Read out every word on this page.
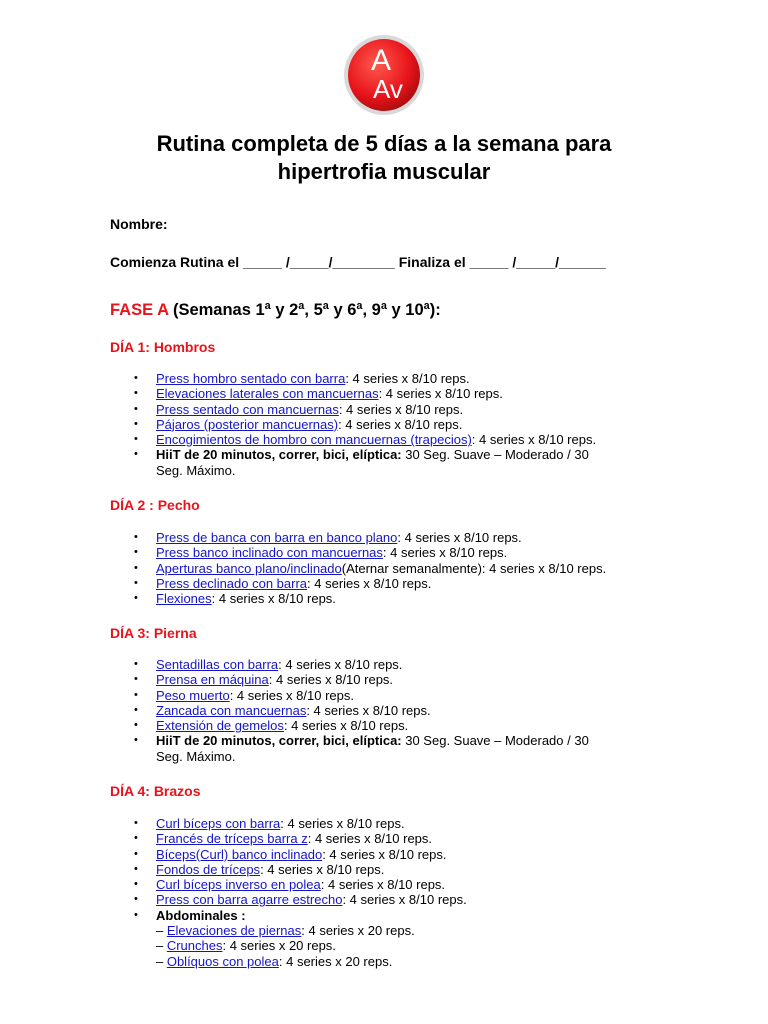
A
Av
Rutina completa de 5 días a la semana para
hipertrofia muscular
Nombre:
Comienza Rutina el _____ /_____/________ Finaliza el _____ /_____/______
FASE A (Semanas 1ª y 2ª, 5ª y 6ª, 9ª y 10ª):
DÍA 1: Hombros
• Press hombro sentado con barra: 4 series x 8/10 reps.
• Elevaciones laterales con mancuernas: 4 series x 8/10 reps.
• Press sentado con mancuernas: 4 series x 8/10 reps.
• Pájaros (posterior mancuernas): 4 series x 8/10 reps.
• Encogimientos de hombro con mancuernas (trapecios): 4 series x 8/10 reps.
• HiiT de 20 minutos, correr, bici, elíptica: 30 Seg. Suave – Moderado / 30
Seg. Máximo.
DÍA 2 : Pecho
• Press de banca con barra en banco plano: 4 series x 8/10 reps.
• Press banco inclinado con mancuernas: 4 series x 8/10 reps.
• Aperturas banco plano/inclinado(Aternar semanalmente): 4 series x 8/10 reps.
• Press declinado con barra: 4 series x 8/10 reps.
• Flexiones: 4 series x 8/10 reps.
DÍA 3: Pierna
• Sentadillas con barra: 4 series x 8/10 reps.
• Prensa en máquina: 4 series x 8/10 reps.
• Peso muerto: 4 series x 8/10 reps.
• Zancada con mancuernas: 4 series x 8/10 reps.
• Extensión de gemelos: 4 series x 8/10 reps.
• HiiT de 20 minutos, correr, bici, elíptica: 30 Seg. Suave – Moderado / 30
Seg. Máximo.
DÍA 4: Brazos
• Curl bíceps con barra: 4 series x 8/10 reps.
• Francés de tríceps barra z: 4 series x 8/10 reps.
• Bíceps(Curl) banco inclinado: 4 series x 8/10 reps.
• Fondos de tríceps: 4 series x 8/10 reps.
• Curl bíceps inverso en polea: 4 series x 8/10 reps.
• Press con barra agarre estrecho: 4 series x 8/10 reps.
• Abdominales :
– Elevaciones de piernas: 4 series x 20 reps.
– Crunches: 4 series x 20 reps.
– Oblíquos con polea: 4 series x 20 reps.
